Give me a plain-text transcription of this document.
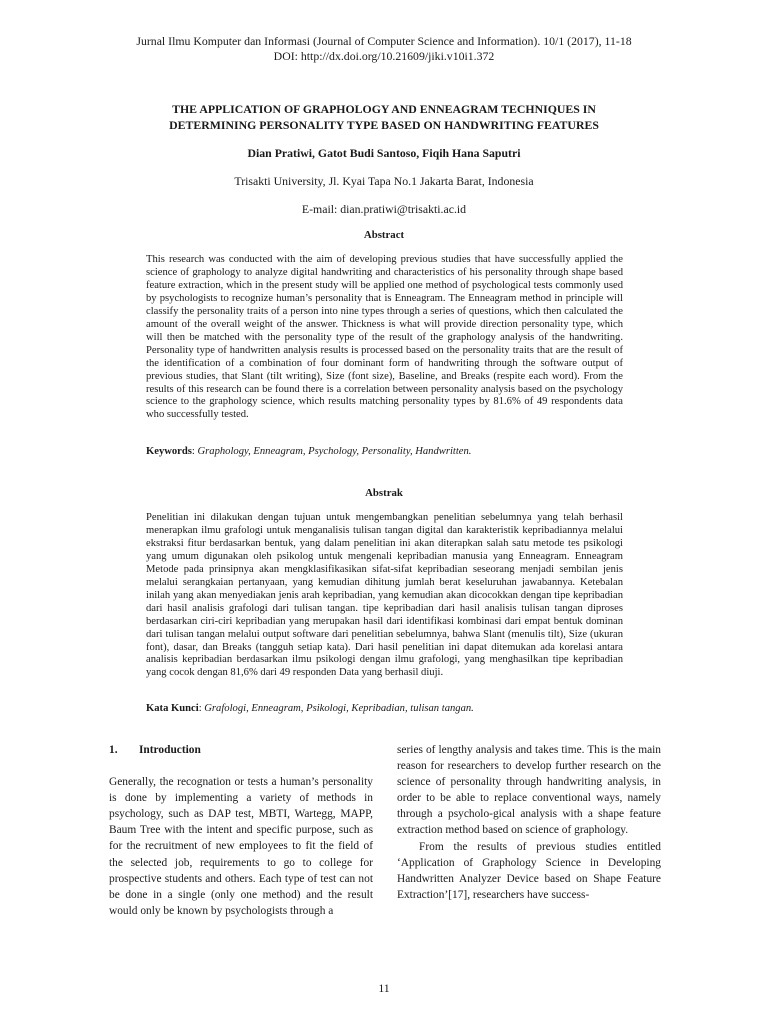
Jurnal Ilmu Komputer dan Informasi (Journal of Computer Science and Information). 10/1 (2017), 11-18
DOI: http://dx.doi.org/10.21609/jiki.v10i1.372
THE APPLICATION OF GRAPHOLOGY AND ENNEAGRAM TECHNIQUES IN
DETERMINING PERSONALITY TYPE BASED ON HANDWRITING FEATURES
Dian Pratiwi, Gatot Budi Santoso, Fiqih Hana Saputri
Trisakti University, Jl. Kyai Tapa No.1 Jakarta Barat, Indonesia
E-mail: dian.pratiwi@trisakti.ac.id
Abstract
This research was conducted with the aim of developing previous studies that have successfully applied the science of graphology to analyze digital handwriting and characteristics of his personality through shape based feature extraction, which in the present study will be applied one method of psychological tests commonly used by psychologists to recognize human’s personality that is Enneagram. The Enneagram method in principle will classify the personality traits of a person into nine types through a series of questions, which then calculated the amount of the overall weight of the answer. Thickness is what will provide direction personality type, which will then be matched with the personality type of the result of the graphology analysis of the handwriting. Personality type of handwritten analysis results is processed based on the personality traits that are the result of the identification of a combination of four dominant form of handwriting through the software output of previous studies, that Slant (tilt writing), Size (font size), Baseline, and Breaks (respite each word). From the results of this research can be found there is a correlation between personality analysis based on the psychology science to the graphology science, which results matching personality types by 81.6% of 49 respondents data who successfully tested.
Keywords: Graphology, Enneagram, Psychology, Personality, Handwritten.
Abstrak
Penelitian ini dilakukan dengan tujuan untuk mengembangkan penelitian sebelumnya yang telah berhasil menerapkan ilmu grafologi untuk menganalisis tulisan tangan digital dan karakteristik kepribadiannya melalui ekstraksi fitur berdasarkan bentuk, yang dalam penelitian ini akan diterapkan salah satu metode tes psikologi yang umum digunakan oleh psikolog untuk mengenali kepribadian manusia yang Enneagram. Enneagram Metode pada prinsipnya akan mengklasifikasikan sifat-sifat kepribadian seseorang menjadi sembilan jenis melalui serangkaian pertanyaan, yang kemudian dihitung jumlah berat keseluruhan jawabannya. Ketebalan inilah yang akan menyediakan jenis arah kepribadian, yang kemudian akan dicocokkan dengan tipe kepribadian dari hasil analisis grafologi dari tulisan tangan. tipe kepribadian dari hasil analisis tulisan tangan diproses berdasarkan ciri-ciri kepribadian yang merupakan hasil dari identifikasi kombinasi dari empat bentuk dominan dari tulisan tangan melalui output software dari penelitian sebelumnya, bahwa Slant (menulis tilt), Size (ukuran font), dasar, dan Breaks (tangguh setiap kata). Dari hasil penelitian ini dapat ditemukan ada korelasi antara analisis kepribadian berdasarkan ilmu psikologi dengan ilmu grafologi, yang menghasilkan tipe kepribadian yang cocok dengan 81,6% dari 49 responden Data yang berhasil diuji.
Kata Kunci: Grafologi, Enneagram, Psikologi, Kepribadian, tulisan tangan.
1.	Introduction

Generally, the recognation or tests a human’s personality is done by implementing a variety of methods in psychology, such as DAP test, MBTI, Wartegg, MAPP, Baum Tree with the intent and specific purpose, such as for the recruitment of new employees to fit the field of the selected job, requirements to go to college for prospective students and others. Each type of test can not be done in a single (only one method) and the result would only be known by psychologists through a

series of lengthy analysis and takes time. This is the main reason for researchers to develop further research on the science of personality through handwriting analysis, in order to be able to replace conventional ways, namely through a psycholo-gical analysis with a shape feature extraction method based on science of graphology.

From the results of previous studies entitled ‘Application of Graphology Science in Developing Handwritten Analyzer Device based on Shape Feature Extraction’[17], researchers have success-

11
